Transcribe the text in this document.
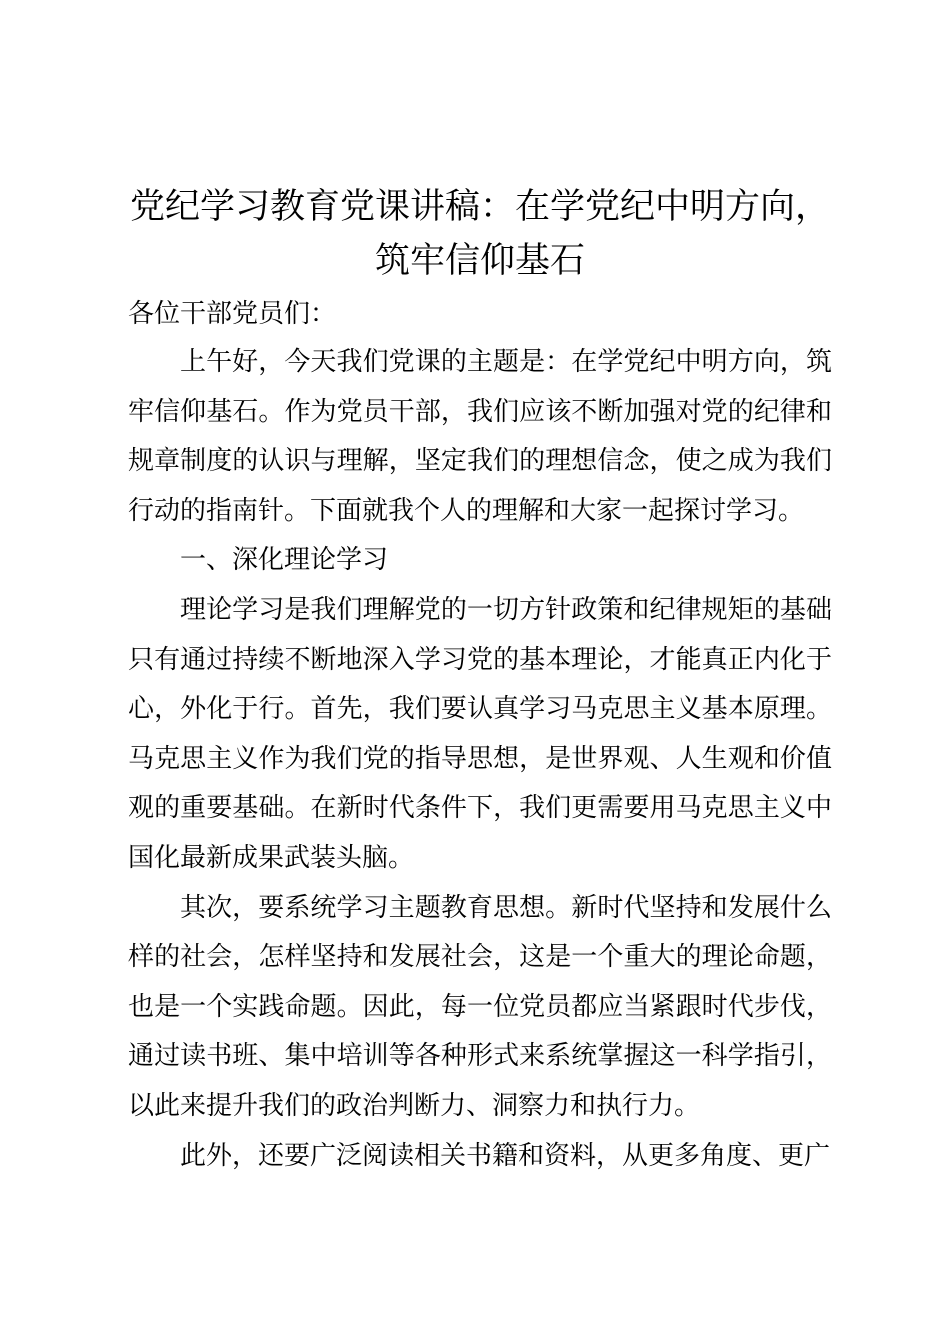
党纪学习教育党课讲稿：在学党纪中明方向，
筑牢信仰基石

各位干部党员们：

上午好，今天我们党课的主题是：在学党纪中明方向，筑牢信仰基石。作为党员干部，我们应该不断加强对党的纪律和规章制度的认识与理解，坚定我们的理想信念，使之成为我们行动的指南针。下面就我个人的理解和大家一起探讨学习。

一、深化理论学习

理论学习是我们理解党的一切方针政策和纪律规矩的基础只有通过持续不断地深入学习党的基本理论，才能真正内化于心，外化于行。首先，我们要认真学习马克思主义基本原理。马克思主义作为我们党的指导思想，是世界观、人生观和价值观的重要基础。在新时代条件下，我们更需要用马克思主义中国化最新成果武装头脑。

其次，要系统学习主题教育思想。新时代坚持和发展什么样的社会，怎样坚持和发展社会，这是一个重大的理论命题，也是一个实践命题。因此，每一位党员都应当紧跟时代步伐，通过读书班、集中培训等各种形式来系统掌握这一科学指引，以此来提升我们的政治判断力、洞察力和执行力。

此外，还要广泛阅读相关书籍和资料，从更多角度、更广
